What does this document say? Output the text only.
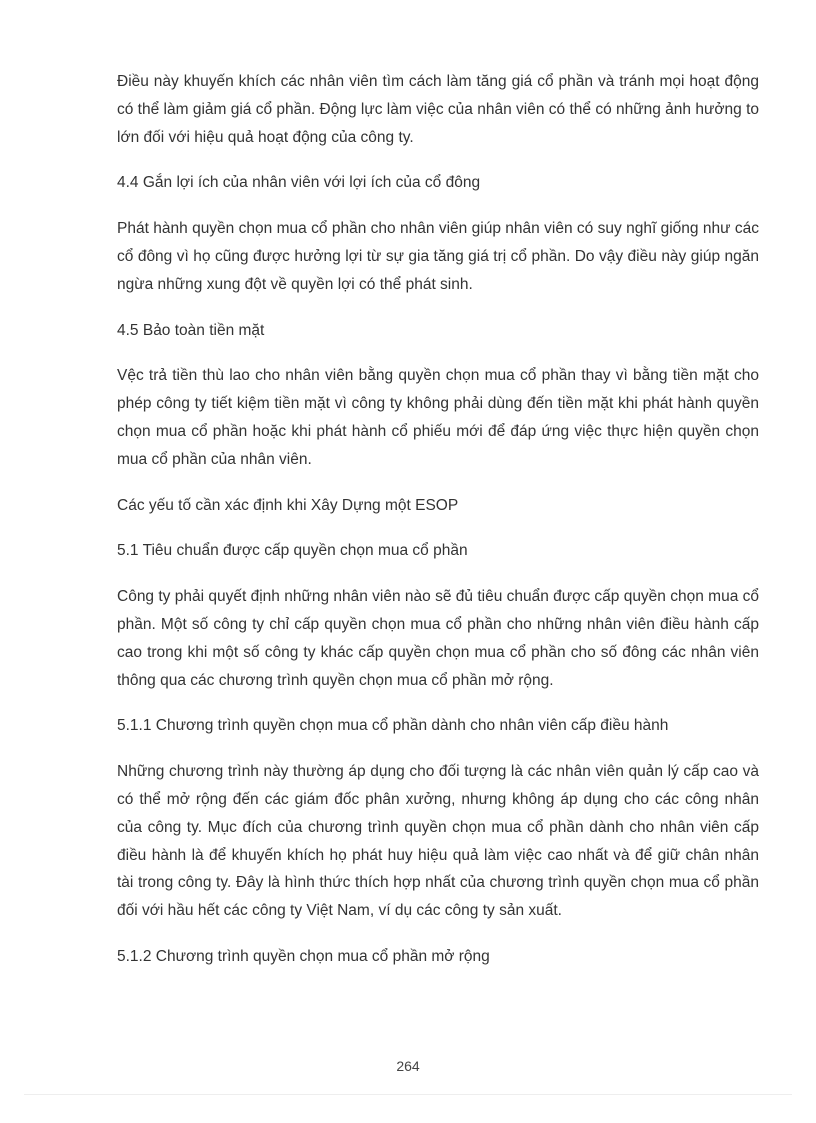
Điều này khuyến khích các nhân viên tìm cách làm tăng giá cổ phần và tránh mọi hoạt động có thể làm giảm giá cổ phần. Động lực làm việc của nhân viên có thể có những ảnh hưởng to lớn đối với hiệu quả hoạt động của công ty.

4.4 Gắn lợi ích của nhân viên với lợi ích của cổ đông

Phát hành quyền chọn mua cổ phần cho nhân viên giúp nhân viên có suy nghĩ giống như các cổ đông vì họ cũng được hưởng lợi từ sự gia tăng giá trị cổ phần. Do vậy điều này giúp ngăn ngừa những xung đột về quyền lợi có thể phát sinh.

4.5 Bảo toàn tiền mặt

Vệc trả tiền thù lao cho nhân viên bằng quyền chọn mua cổ phần thay vì bằng tiền mặt cho phép công ty tiết kiệm tiền mặt vì công ty không phải dùng đến tiền mặt khi phát hành quyền chọn mua cổ phần hoặc khi phát hành cổ phiếu mới để đáp ứng việc thực hiện quyền chọn mua cổ phần của nhân viên.

Các yếu tố cần xác định khi Xây Dựng một ESOP

5.1 Tiêu chuẩn được cấp quyền chọn mua cổ phần

Công ty phải quyết định những nhân viên nào sẽ đủ tiêu chuẩn được cấp quyền chọn mua cổ phần. Một số công ty chỉ cấp quyền chọn mua cổ phần cho những nhân viên điều hành cấp cao trong khi một số công ty khác cấp quyền chọn mua cổ phần cho số đông các nhân viên thông qua các chương trình quyền chọn mua cổ phần mở rộng.

5.1.1 Chương trình quyền chọn mua cổ phần dành cho nhân viên cấp điều hành

Những chương trình này thường áp dụng cho đối tượng là các nhân viên quản lý cấp cao và có thể mở rộng đến các giám đốc phân xưởng, nhưng không áp dụng cho các công nhân của công ty. Mục đích của chương trình quyền chọn mua cổ phần dành cho nhân viên cấp điều hành là để khuyến khích họ phát huy hiệu quả làm việc cao nhất và để giữ chân nhân tài trong công ty. Đây là hình thức thích hợp nhất của chương trình quyền chọn mua cổ phần đối với hầu hết các công ty Việt Nam, ví dụ các công ty sản xuất.

5.1.2 Chương trình quyền chọn mua cổ phần mở rộng

264
